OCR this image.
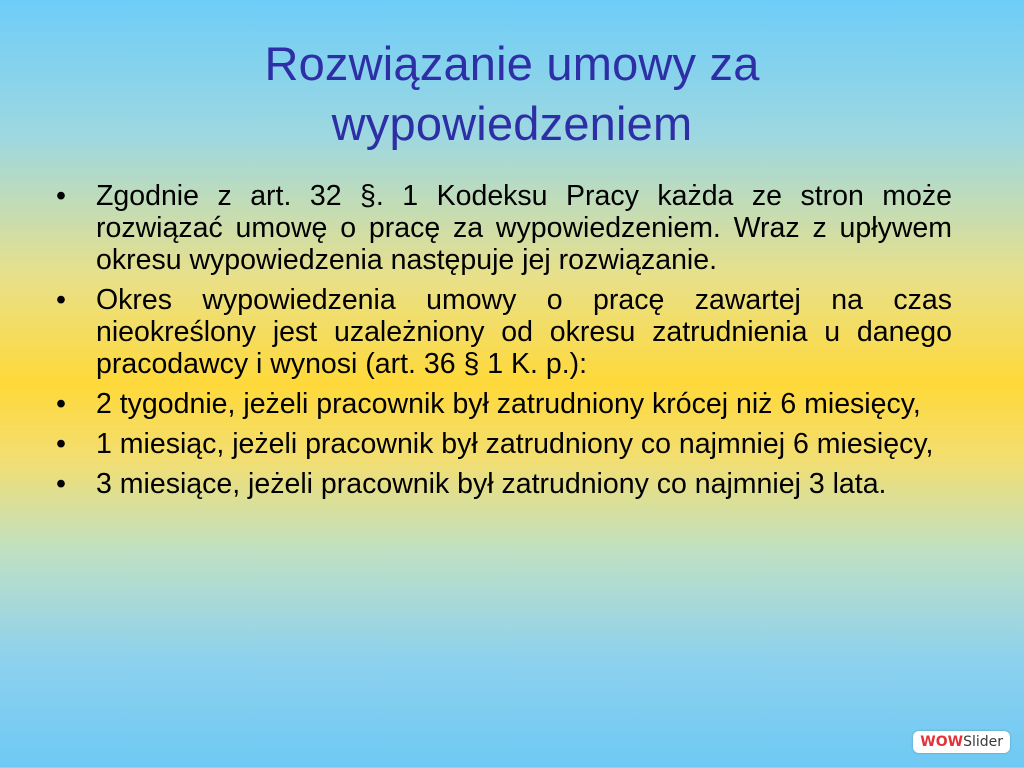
Rozwiązanie umowy za
wypowiedzeniem
•	Zgodnie z art. 32 §. 1 Kodeksu Pracy każda ze stron może rozwiązać umowę o pracę za wypowiedzeniem. Wraz z upływem okresu wypowiedzenia następuje jej rozwiązanie.
•	Okres wypowiedzenia umowy o pracę zawartej na czas nieokreślony jest uzależniony od okresu zatrudnienia u danego pracodawcy i wynosi (art. 36 § 1 K. p.):
•	2 tygodnie, jeżeli pracownik był zatrudniony krócej niż 6 miesięcy,
•	1 miesiąc, jeżeli pracownik był zatrudniony co najmniej 6 miesięcy,
•	3 miesiące, jeżeli pracownik był zatrudniony co najmniej 3 lata.
WOWSlider
